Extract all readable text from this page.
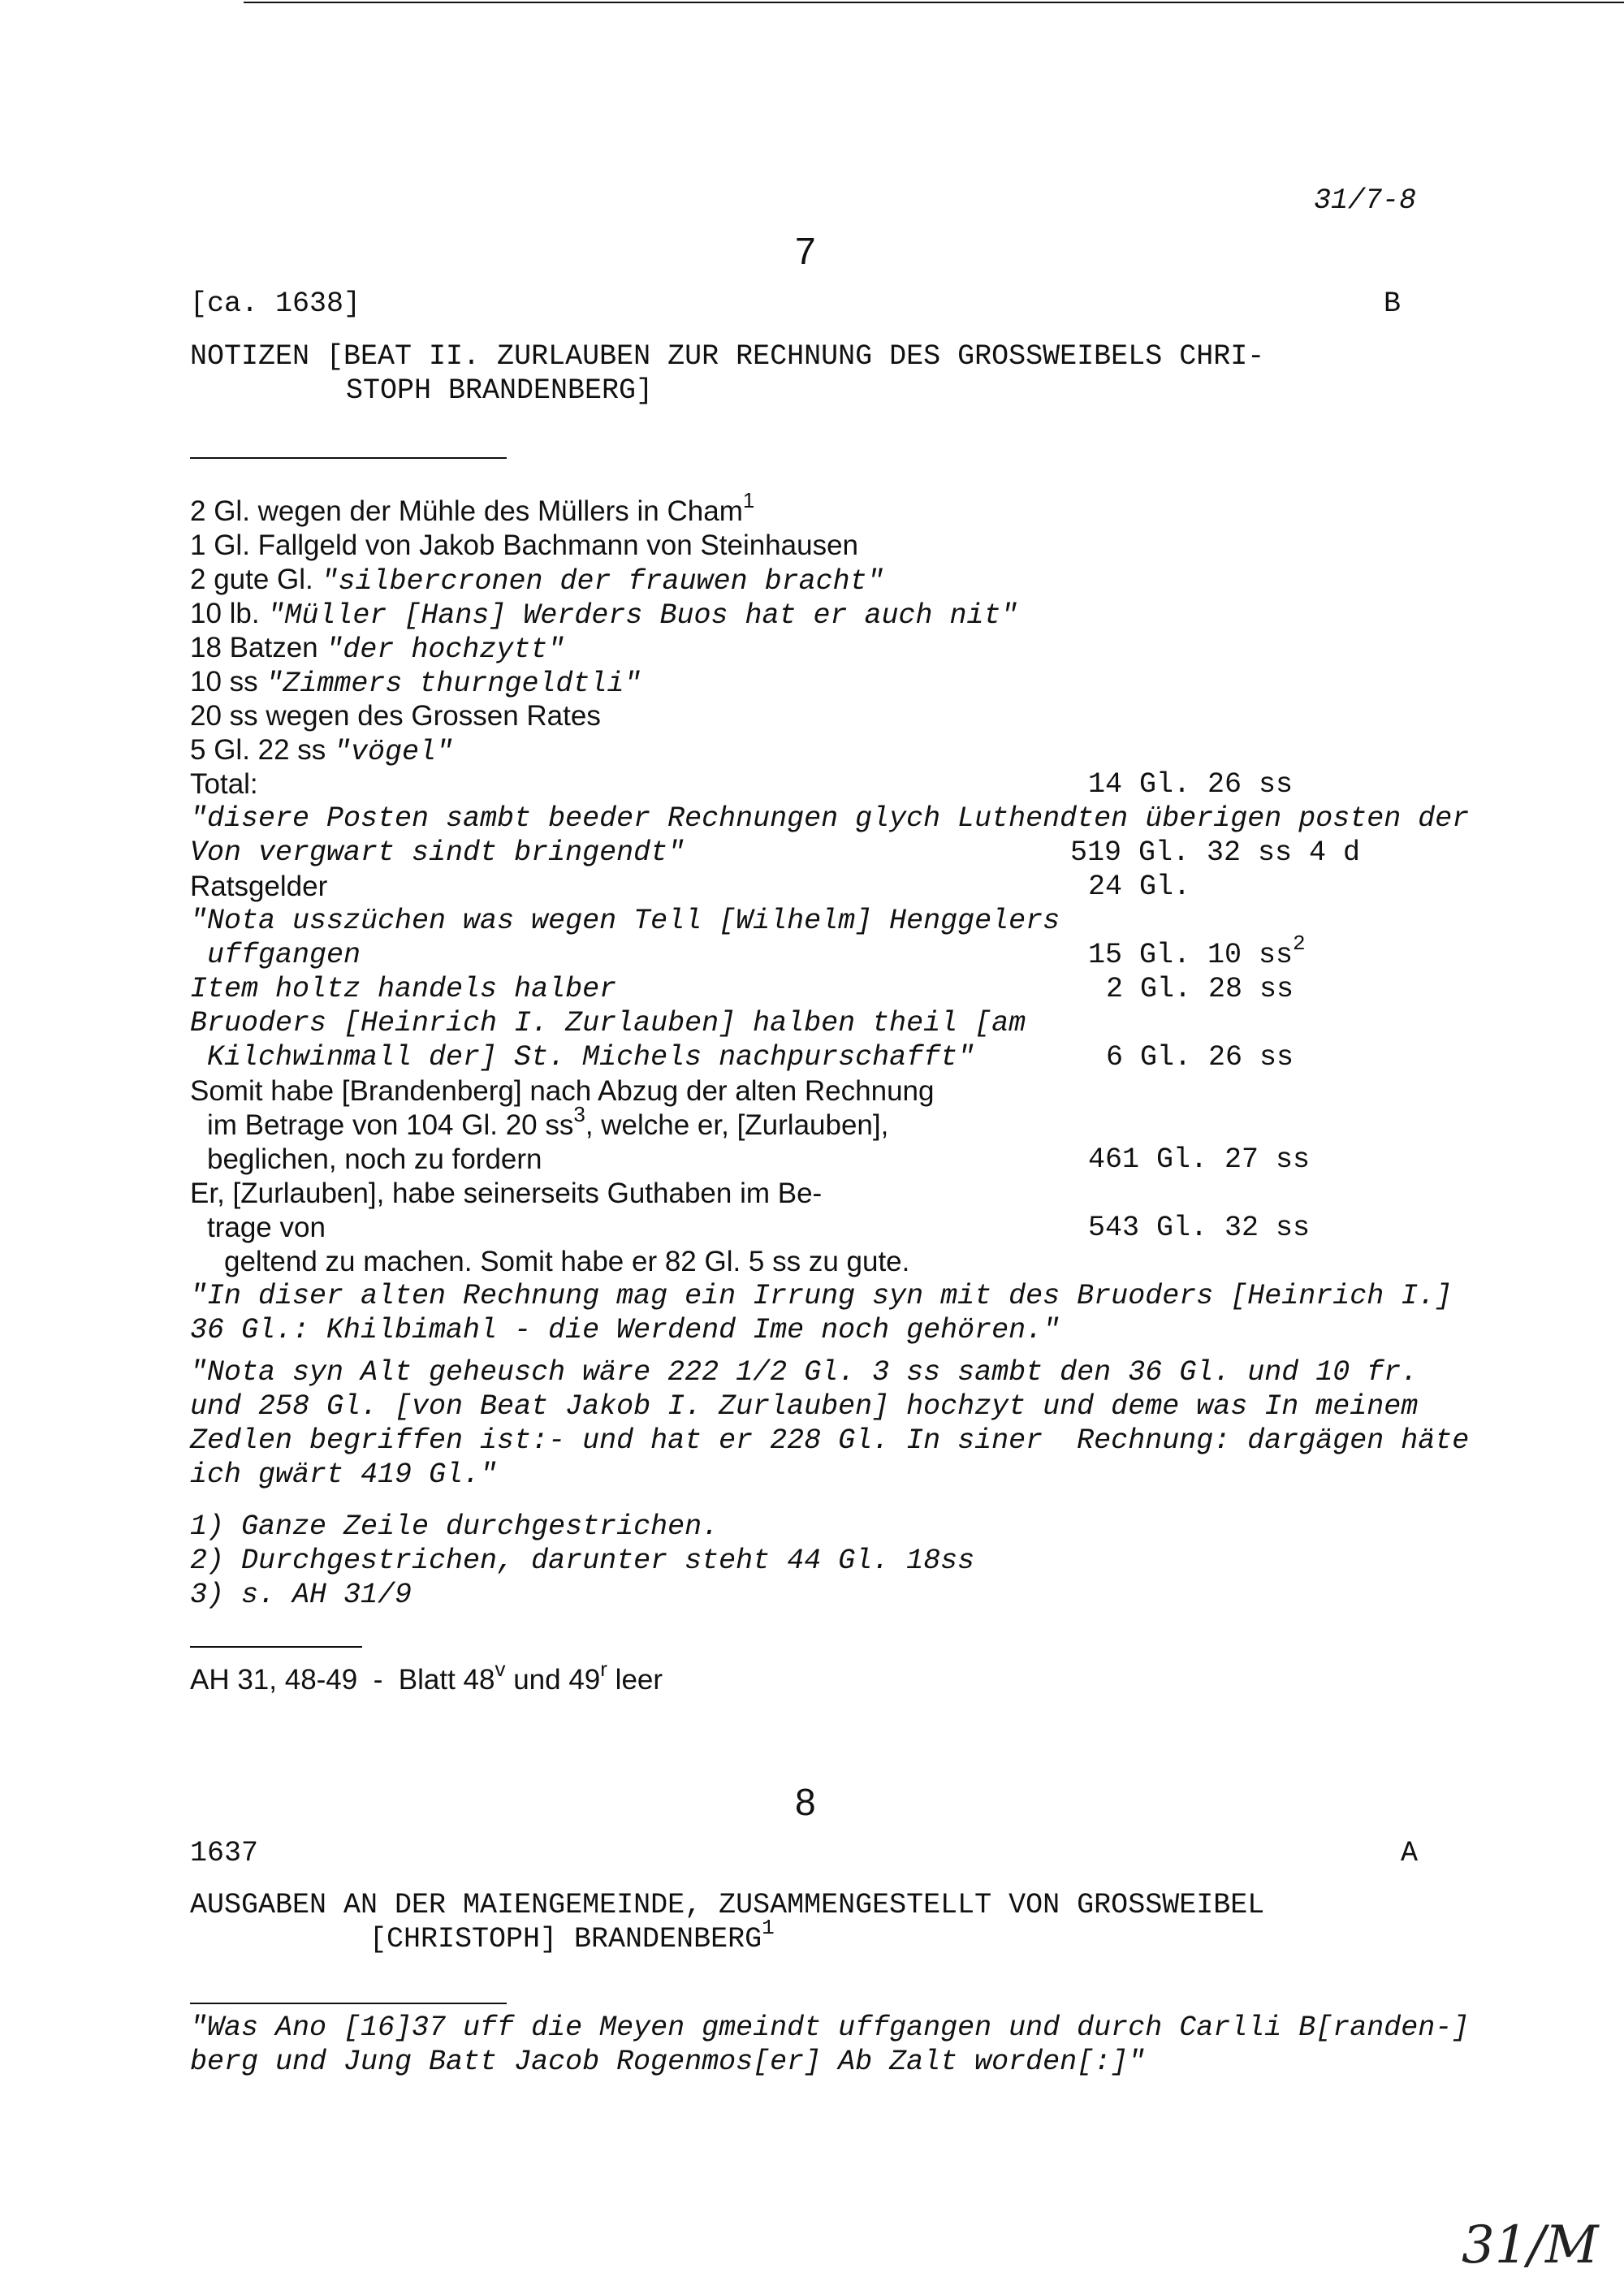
31/7-8
7
[ca. 1638]	B
NOTIZEN [BEAT II. ZURLAUBEN ZUR RECHNUNG DES GROSSWEIBELS CHRI-
STOPH BRANDENBERG]
2 Gl. wegen der Mühle des Müllers in Cham$^1$
1 Gl. Fallgeld von Jakob Bachmann von Steinhausen
2 gute Gl. "silbercronen der frauwen bracht"
10 lb. "Müller [Hans] Werders Buos hat er auch nit"
18 Batzen "der hochzytt"
10 ss "Zimmers thurngeldtli"
20 ss wegen des Grossen Rates
5 Gl. 22 ss "vögel"
Total:	14 Gl. 26 ss
"disere Posten sambt beeder Rechnungen glych Luthendten überigen posten der
Von vergwart sindt bringendt"	519 Gl. 32 ss 4 d
Ratsgelder	24 Gl.
"Nota usszüchen was wegen Tell [Wilhelm] Henggelers
uffgangen	15 Gl. 10 $ss^2$
Item holtz handels halber	2 Gl. 28 ss
Bruoders [Heinrich I. Zurlauben] halben theil [am
Kilchwinmall der] St. Michels nachpurschafft"	6 Gl. 26 ss
Somit habe [Brandenberg] nach Abzug der alten Rechnung
im Betrage von 104 Gl. 20 $ss^3$, welche er, [Zurlauben],
beglichen, noch zu fordern	461 Gl. 27 ss
Er, [Zurlauben], habe seinerseits Guthaben im Be-
trage von	543 Gl. 32 ss
geltend zu machen. Somit habe er 82 Gl. 5 ss zu gute.
"In diser alten Rechnung mag ein Irrung syn mit des Bruoders [Heinrich I.]
36 Gl.: Khilbimahl - die Werdend Ime noch gehören."
"Nota syn Alt geheusch wäre 222 1/2 Gl. 3 ss sambt den 36 Gl. und 10 fr.
und 258 Gl. [von Beat Jakob I. Zurlauben] hochzyt und deme was In meinem
Zedlen begriffen ist:- und hat er 228 Gl. In siner  Rechnung: dargägen häte
ich gwärt 419 Gl."
1) Ganze Zeile durchgestrichen.
2) Durchgestrichen, darunter steht 44 Gl. 18ss
3) s. AH 31/9
AH 31, 48-49  -  Blatt 48$^v$ und 49$^r$ leer
8
1637	A
AUSGABEN AN DER MAIENGEMEINDE, ZUSAMMENGESTELLT VON GROSSWEIBEL
[CHRISTOPH] BRANDENBERG$^1$
"Was Ano [16]37 uff die Meyen gmeindt uffgangen und durch Carlli B[randen-]
berg und Jung Batt Jacob Rogenmos[er] Ab Zalt worden[:]"
31/M
